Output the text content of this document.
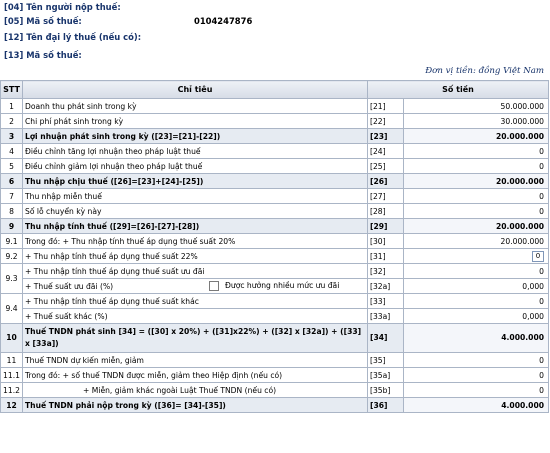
[04] Tên người nộp thuế:
[05] Mã số thuế:	0104247876
[12] Tên đại lý thuế (nếu có):
[13] Mã số thuế:
Đơn vị tiền: đồng Việt Nam
STT	Chỉ tiêu	Số tiền	
1	Doanh thu phát sinh trong kỳ	[21]	50.000.000
2	Chi phí phát sinh trong kỳ	[22]	30.000.000
3	Lợi nhuận phát sinh trong kỳ ([23]=[21]-[22])	[23]	20.000.000
4	Điều chỉnh tăng lợi nhuận theo pháp luật thuế	[24]	0
5	Điều chỉnh giảm lợi nhuận theo pháp luật thuế	[25]	0
6	Thu nhập chịu thuế ([26]=[23]+[24]-[25])	[26]	20.000.000
7	Thu nhập miễn thuế	[27]	0
8	Số lỗ chuyển kỳ này	[28]	0
9	Thu nhập tính thuế ([29]=[26]-[27]-[28])	[29]	20.000.000
9.1	Trong đó: + Thu nhập tính thuế áp dụng thuế suất 20%	[30]	20.000.000
9.2	+ Thu nhập tính thuế áp dụng thuế suất 22%	[31]	0
9.3	+ Thu nhập tính thuế áp dụng thuế suất ưu đãi	[32]	0
	+ Thuế suất ưu đãi (%) Được hưởng nhiều mức ưu đãi	[32a]	0,000
9.4	+ Thu nhập tính thuế áp dụng thuế suất khác	[33]	0
	+ Thuế suất khác (%)	[33a]	0,000
10	Thuế TNDN phát sinh [34] = ([30] x 20%) + ([31]x22%) + ([32] x [32a]) + ([33] x [33a])	[34]	4.000.000
11	Thuế TNDN dự kiến miễn, giảm	[35]	0
11.1	Trong đó: + số thuế TNDN được miễn, giảm theo Hiệp định (nếu có)	[35a]	0
11.2	+ Miễn, giảm khác ngoài Luật Thuế TNDN (nếu có)	[35b]	0
12	Thuế TNDN phải nộp trong kỳ ([36]= [34]-[35])	[36]	4.000.000
